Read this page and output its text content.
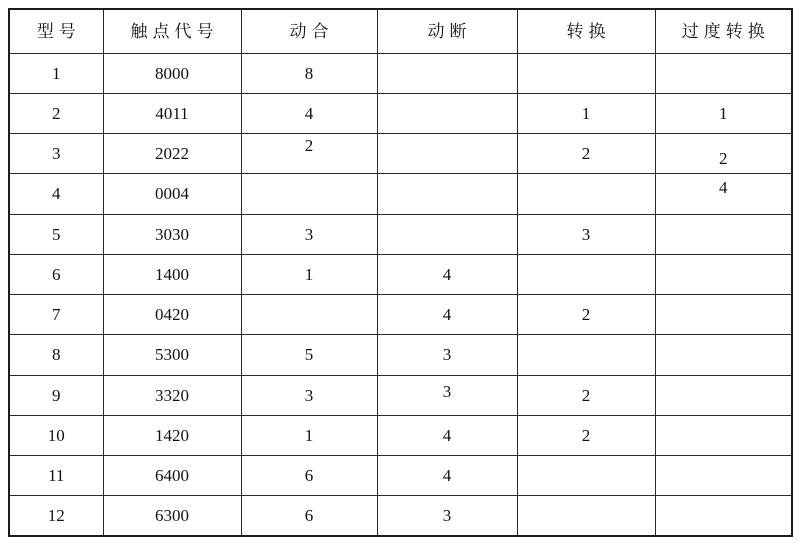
型号	触点代号	动合	动断	转换	过度转换
1	8000	8			
2	4011	4		1	1
3	2022	2		2	2
4	0004				4
5	3030	3		3	
6	1400	1	4		
7	0420		4	2	
8	5300	5	3		
9	3320	3	3	2	
10	1420	1	4	2	
11	6400	6	4		
12	6300	6	3		
